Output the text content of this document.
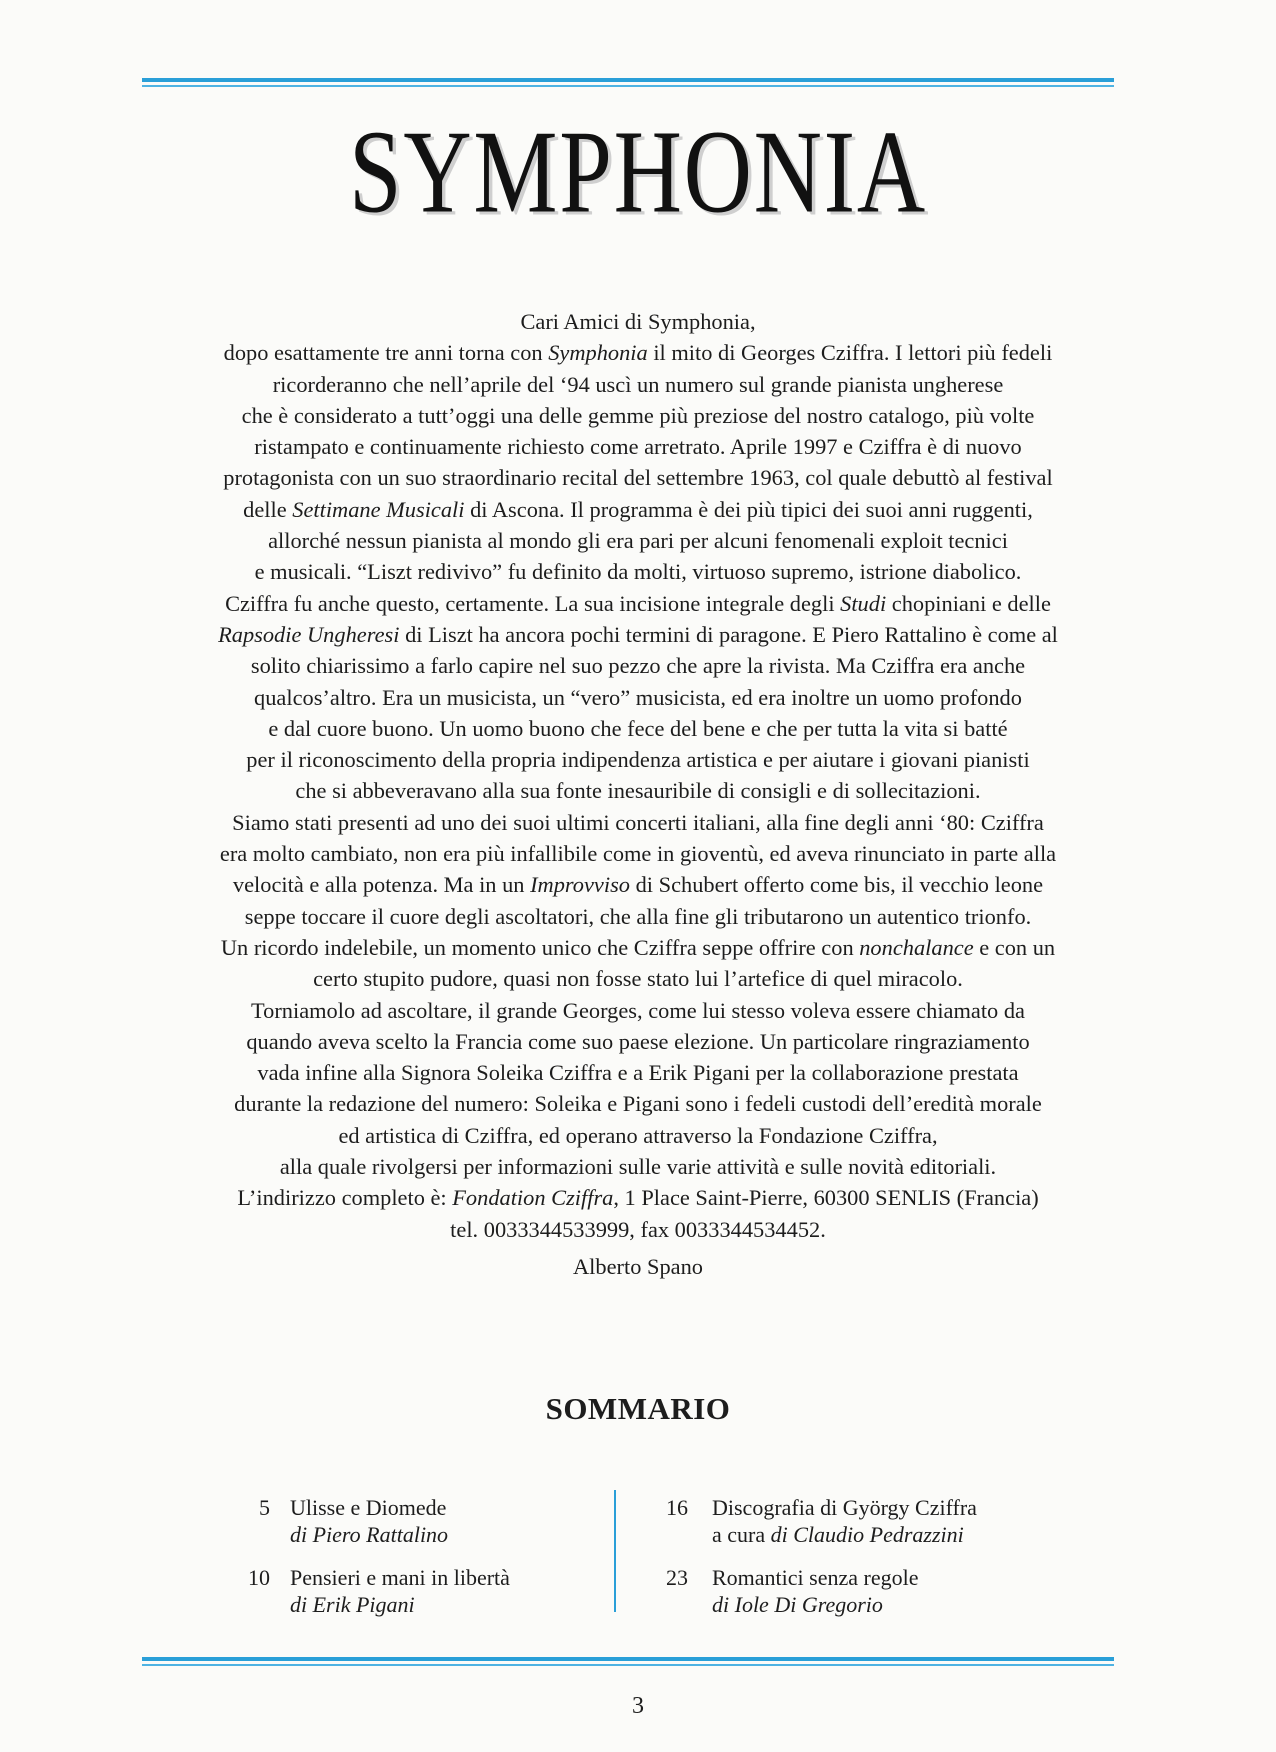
SYMPHONIA
Cari Amici di Symphonia,

dopo esattamente tre anni torna con Symphonia il mito di Georges Cziffra. I lettori più fedeli

ricorderanno che nell’aprile del ‘94 uscì un numero sul grande pianista ungherese

che è considerato a tutt’oggi una delle gemme più preziose del nostro catalogo, più volte

ristampato e continuamente richiesto come arretrato. Aprile 1997 e Cziffra è di nuovo

protagonista con un suo straordinario recital del settembre 1963, col quale debuttò al festival

delle Settimane Musicali di Ascona. Il programma è dei più tipici dei suoi anni ruggenti,

allorché nessun pianista al mondo gli era pari per alcuni fenomenali exploit tecnici

e musicali. “Liszt redivivo” fu definito da molti, virtuoso supremo, istrione diabolico.

Cziffra fu anche questo, certamente. La sua incisione integrale degli Studi chopiniani e delle

Rapsodie Ungheresi di Liszt ha ancora pochi termini di paragone. E Piero Rattalino è come al

solito chiarissimo a farlo capire nel suo pezzo che apre la rivista. Ma Cziffra era anche

qualcos’altro. Era un musicista, un “vero” musicista, ed era inoltre un uomo profondo

e dal cuore buono. Un uomo buono che fece del bene e che per tutta la vita si batté

per il riconoscimento della propria indipendenza artistica e per aiutare i giovani pianisti

che si abbeveravano alla sua fonte inesauribile di consigli e di sollecitazioni.

Siamo stati presenti ad uno dei suoi ultimi concerti italiani, alla fine degli anni ‘80: Cziffra

era molto cambiato, non era più infallibile come in gioventù, ed aveva rinunciato in parte alla

velocità e alla potenza. Ma in un Improvviso di Schubert offerto come bis, il vecchio leone

seppe toccare il cuore degli ascoltatori, che alla fine gli tributarono un autentico trionfo.

Un ricordo indelebile, un momento unico che Cziffra seppe offrire con nonchalance e con un

certo stupito pudore, quasi non fosse stato lui l’artefice di quel miracolo.

Torniamolo ad ascoltare, il grande Georges, come lui stesso voleva essere chiamato da

quando aveva scelto la Francia come suo paese elezione. Un particolare ringraziamento

vada infine alla Signora Soleika Cziffra e a Erik Pigani per la collaborazione prestata

durante la redazione del numero: Soleika e Pigani sono i fedeli custodi dell’eredità morale

ed artistica di Cziffra, ed operano attraverso la Fondazione Cziffra,

alla quale rivolgersi per informazioni sulle varie attività e sulle novità editoriali.

L’indirizzo completo è: Fondation Cziffra, 1 Place Saint-Pierre, 60300 SENLIS (Francia)

tel. 0033344533999, fax 0033344534452.

Alberto Spano
SOMMARIO
5 Ulisse e Diomede
di Piero Rattalino
10 Pensieri e mani in libertà
di Erik Pigani
16 Discografia di György Cziffra
a cura di Claudio Pedrazzini
23 Romantici senza regole
di Iole Di Gregorio
3
